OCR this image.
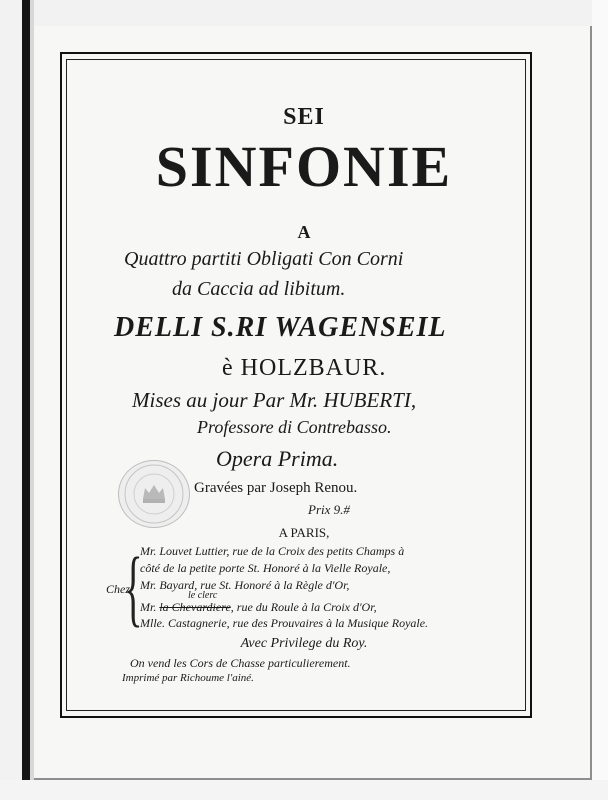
SEI
SINFONIE
A
Quattro partiti Obligati Con Corni
da Caccia ad libitum.
DELLI S.RI WAGENSEIL
è HOLZBAUR.
Mises au jour Par Mr. HUBERTI,
Professore di Contrebasso.
Opera Prima.
Gravées par Joseph Renou.
Prix 9.#
A PARIS,
Chez
{
Mr. Louvet Luttier, rue de la Croix des petits Champs à
côté de la petite porte St. Honoré à la Vielle Royale,
Mr. Bayard, rue St. Honoré à la Règle d'Or,
le clerc
Mr. la Chevardiere, rue du Roule à la Croix d'Or,
Mlle. Castagnerie, rue des Prouvaires à la Musique Royale.
Avec Privilege du Roy.
On vend les Cors de Chasse particulierement.
Imprimé par Richoume l'ainé.
